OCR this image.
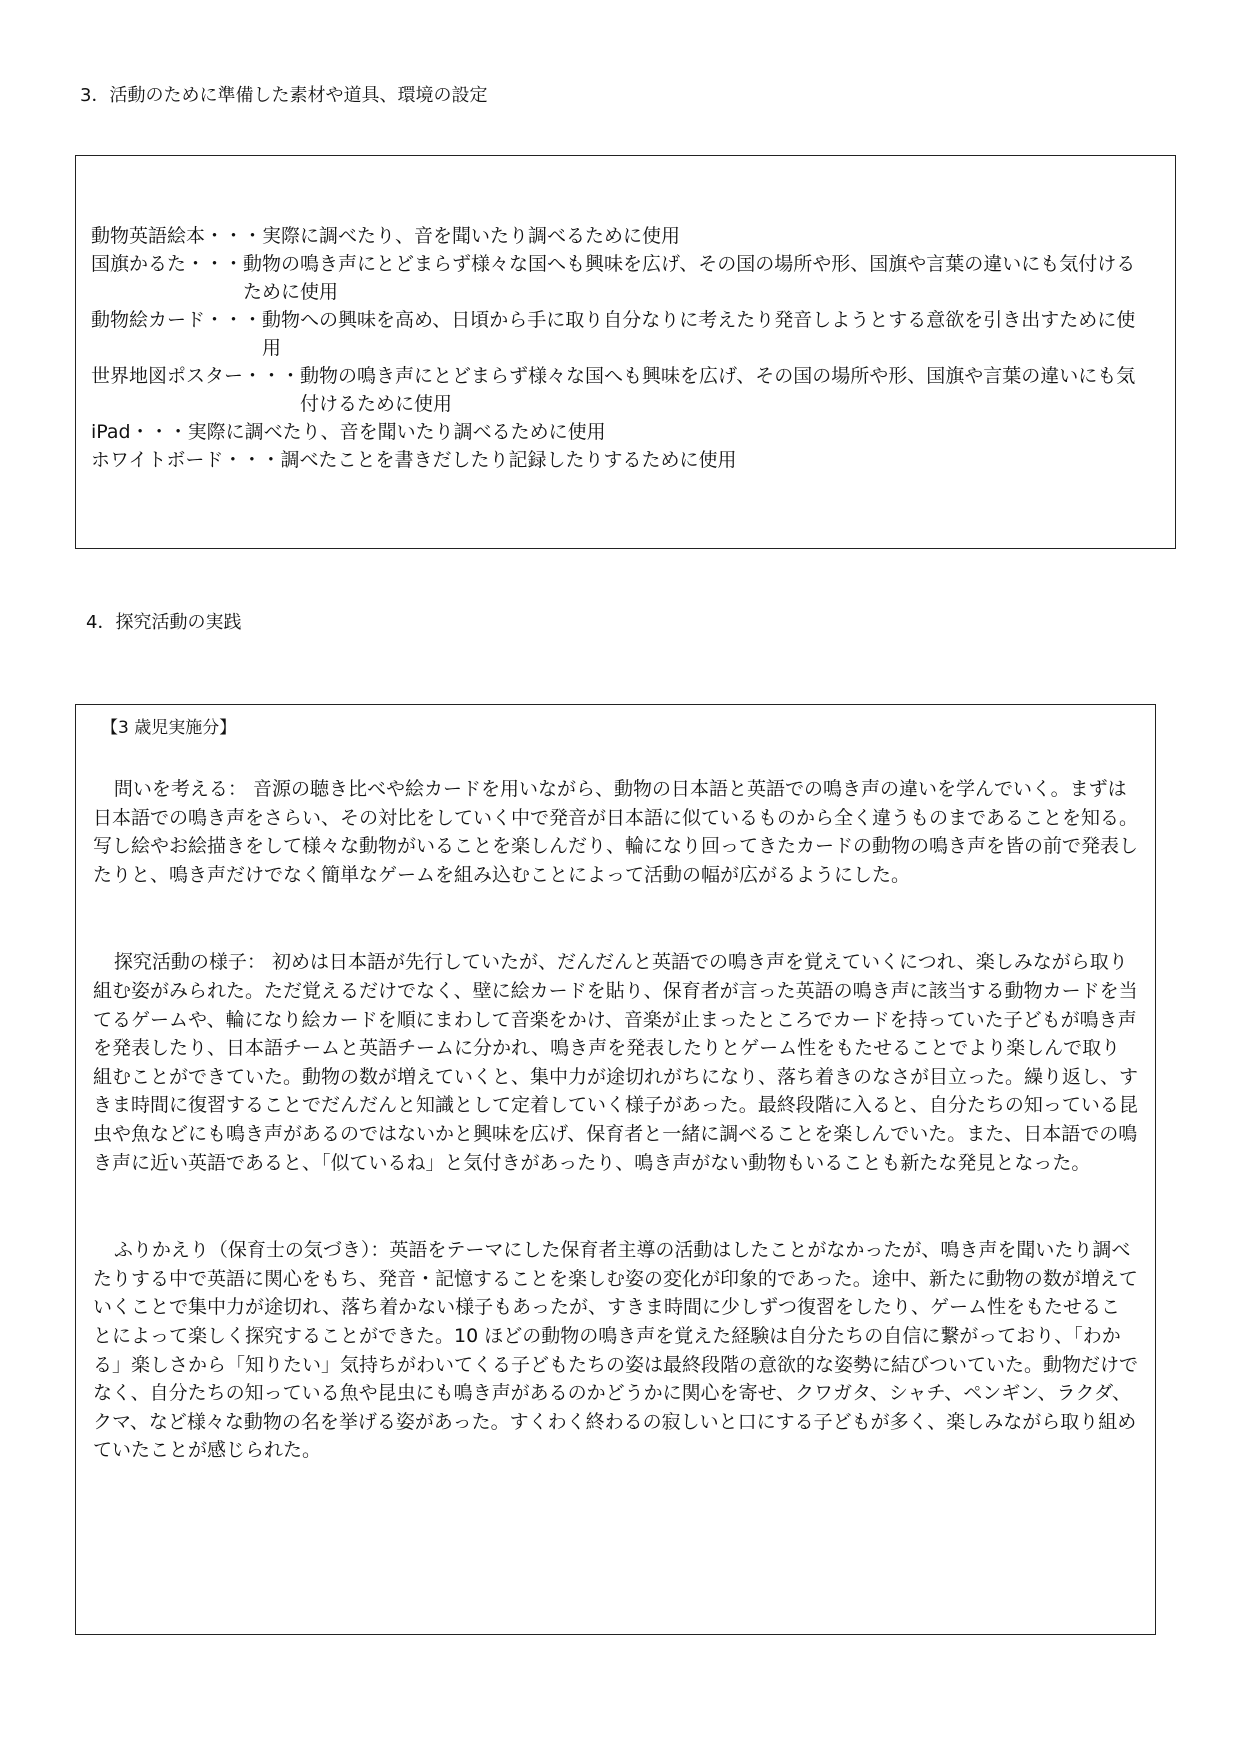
3．活動のために準備した素材や道具、環境の設定
動物英語絵本・・・ 実際に調べたり、音を聞いたり調べるために使用
国旗かるた・・・ 動物の鳴き声にとどまらず様々な国へも興味を広げ、その国の場所や形、国旗や言葉の違いにも気付けるために使用
動物絵カード・・・ 動物への興味を高め、日頃から手に取り自分なりに考えたり発音しようとする意欲を引き出すために使用
世界地図ポスター・・・ 動物の鳴き声にとどまらず様々な国へも興味を広げ、その国の場所や形、国旗や言葉の違いにも気付けるために使用
iPad・・・ 実際に調べたり、音を聞いたり調べるために使用
ホワイトボード・・・ 調べたことを書きだしたり記録したりするために使用
4．探究活動の実践
【3 歳児実施分】

問いを考える： 音源の聴き比べや絵カードを用いながら、動物の日本語と英語での鳴き声の違いを学んでいく。まずは日本語での鳴き声をさらい、その対比をしていく中で発音が日本語に似ているものから全く違うものまであることを知る。写し絵やお絵描きをして様々な動物がいることを楽しんだり、輪になり回ってきたカードの動物の鳴き声を皆の前で発表したりと、鳴き声だけでなく簡単なゲームを組み込むことによって活動の幅が広がるようにした。

探究活動の様子： 初めは日本語が先行していたが、だんだんと英語での鳴き声を覚えていくにつれ、楽しみながら取り組む姿がみられた。ただ覚えるだけでなく、壁に絵カードを貼り、保育者が言った英語の鳴き声に該当する動物カードを当てるゲームや、輪になり絵カードを順にまわして音楽をかけ、音楽が止まったところでカードを持っていた子どもが鳴き声を発表したり、日本語チームと英語チームに分かれ、鳴き声を発表したりとゲーム性をもたせることでより楽しんで取り組むことができていた。動物の数が増えていくと、集中力が途切れがちになり、落ち着きのなさが目立った。繰り返し、すきま時間に復習することでだんだんと知識として定着していく様子があった。最終段階に入ると、自分たちの知っている昆虫や魚などにも鳴き声があるのではないかと興味を広げ、保育者と一緒に調べることを楽しんでいた。また、日本語での鳴き声に近い英語であると、「似ているね」と気付きがあったり、鳴き声がない動物もいることも新たな発見となった。

ふりかえり（保育士の気づき）：英語をテーマにした保育者主導の活動はしたことがなかったが、鳴き声を聞いたり調べたりする中で英語に関心をもち、発音・記憶することを楽しむ姿の変化が印象的であった。途中、新たに動物の数が増えていくことで集中力が途切れ、落ち着かない様子もあったが、すきま時間に少しずつ復習をしたり、ゲーム性をもたせることによって楽しく探究することができた。10 ほどの動物の鳴き声を覚えた経験は自分たちの自信に繋がっており、「わかる」楽しさから「知りたい」気持ちがわいてくる子どもたちの姿は最終段階の意欲的な姿勢に結びついていた。動物だけでなく、自分たちの知っている魚や昆虫にも鳴き声があるのかどうかに関心を寄せ、クワガタ、シャチ、ペンギン、ラクダ、クマ、など様々な動物の名を挙げる姿があった。すくわく終わるの寂しいと口にする子どもが多く、楽しみながら取り組めていたことが感じられた。
